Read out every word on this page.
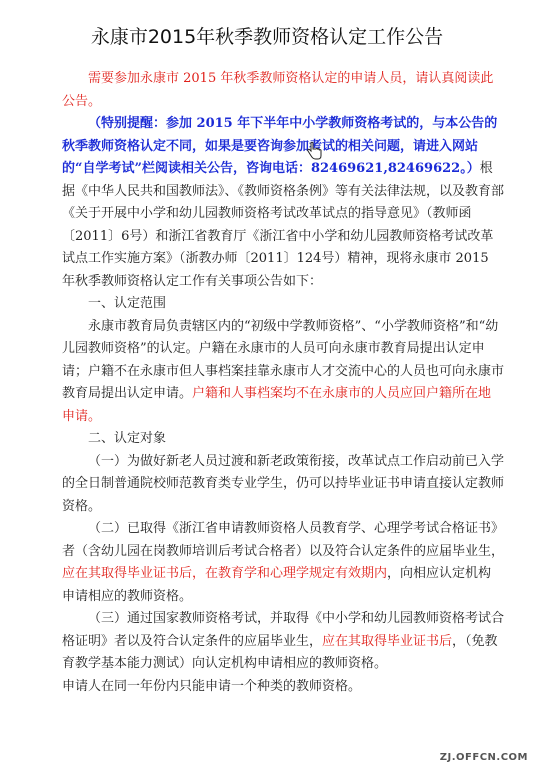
永康市2015年秋季教师资格认定工作公告

需要参加永康市 2015 年秋季教师资格认定的申请人员，请认真阅读此公告。

（特别提醒：参加 2015 年下半年中小学教师资格考试的，与本公告的秋季教师资格认定不同，如果是要咨询参加考试的相关问题，请进入网站的“自学考试”栏阅读相关公告，咨询电话：82469621,82469622。）根据《中华人民共和国教师法》、《教师资格条例》等有关法律法规，以及教育部《关于开展中小学和幼儿园教师资格考试改革试点的指导意见》（教师函〔2011〕6号）和浙江省教育厅《浙江省中小学和幼儿园教师资格考试改革试点工作实施方案》（浙教办师〔2011〕124号）精神，现将永康市 2015 年秋季教师资格认定工作有关事项公告如下：

一、认定范围

永康市教育局负责辖区内的“初级中学教师资格”、“小学教师资格”和“幼儿园教师资格”的认定。户籍在永康市的人员可向永康市教育局提出认定申请；户籍不在永康市但人事档案挂靠永康市人才交流中心的人员也可向永康市教育局提出认定申请。户籍和人事档案均不在永康市的人员应回户籍所在地申请。

二、认定对象

（一）为做好新老人员过渡和新老政策衔接，改革试点工作启动前已入学的全日制普通院校师范教育类专业学生，仍可以持毕业证书申请直接认定教师资格。

（二）已取得《浙江省申请教师资格人员教育学、心理学考试合格证书》者（含幼儿园在岗教师培训后考试合格者）以及符合认定条件的应届毕业生，应在其取得毕业证书后，在教育学和心理学规定有效期内，向相应认定机构申请相应的教师资格。

（三）通过国家教师资格考试，并取得《中小学和幼儿园教师资格考试合格证明》者以及符合认定条件的应届毕业生，应在其取得毕业证书后，（免教育教学基本能力测试）向认定机构申请相应的教师资格。

申请人在同一年份内只能申请一个种类的教师资格。

ZJ.OFFCN.COM
